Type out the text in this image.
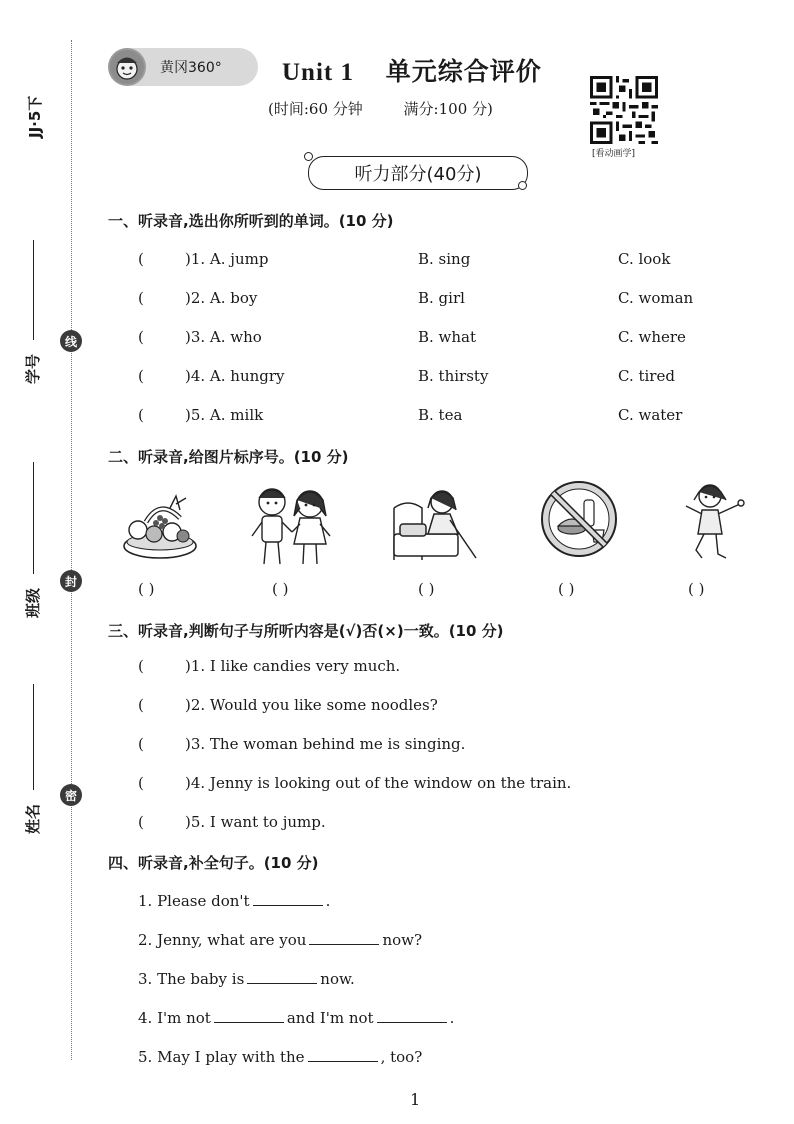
JJ·5下
学号
班级
姓名
线
封
密
黄冈360° Unit 1 单元综合评价
(时间:60 分钟	满分:100 分)
[看动画学]
听力部分(40分)
一、听录音,选出你所听到的单词。(10 分)
(	)1. A. jump	B. sing	C. look
(	)2. A. boy	B. girl	C. woman
(	)3. A. who	B. what	C. where
(	)4. A. hungry	B. thirsty	C. tired
(	)5. A. milk	B. tea	C. water
二、听录音,给图片标序号。(10 分)
( )	( )	( )	( )	( )
三、听录音,判断句子与所听内容是(√)否(×)一致。(10 分)
(	)1. I like candies very much.
(	)2. Would you like some noodles?
(	)3. The woman behind me is singing.
(	)4. Jenny is looking out of the window on the train.
(	)5. I want to jump.
四、听录音,补全句子。(10 分)
1. Please don't	.
2. Jenny, what are you	now?
3. The baby is	now.
4. I'm not	and I'm not	.
5. May I play with the	, too?
1
